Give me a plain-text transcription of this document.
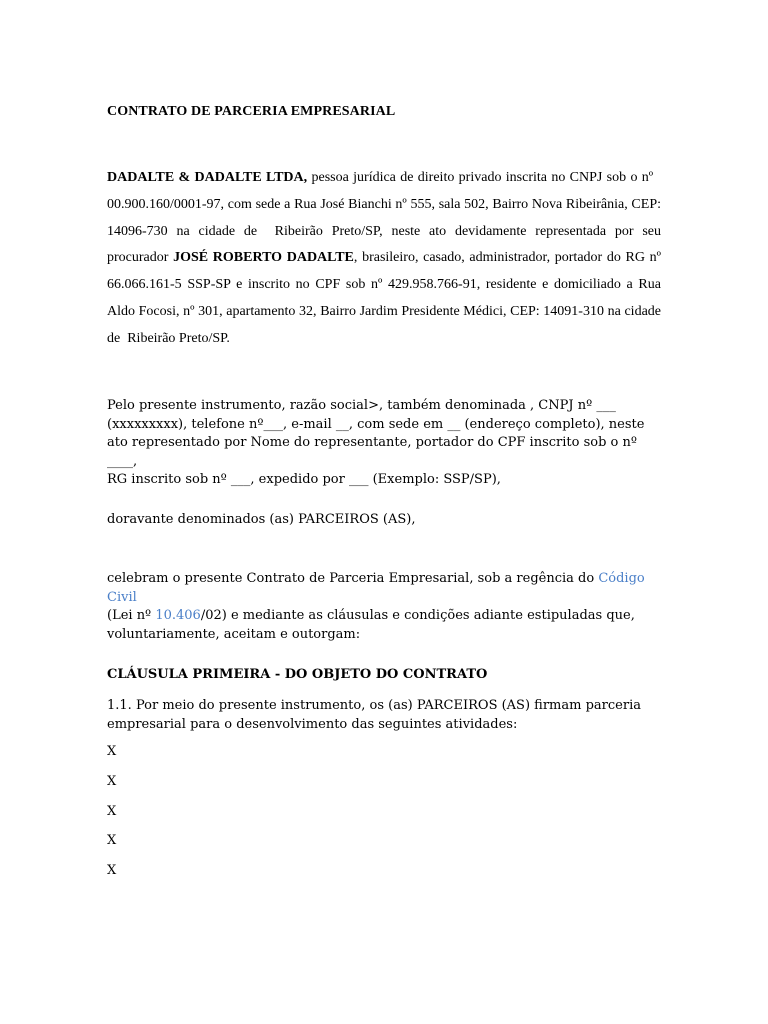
CONTRATO DE PARCERIA EMPRESARIAL
DADALTE & DADALTE LTDA, pessoa jurídica de direito privado inscrita no CNPJ sob o nº   00.900.160/0001-97, com sede a Rua José Bianchi nº 555, sala 502, Bairro Nova Ribeirânia, CEP: 14096-730 na cidade de  Ribeirão Preto/SP, neste ato devidamente representada por seu procurador JOSÉ ROBERTO DADALTE, brasileiro, casado, administrador, portador do RG nº 66.066.161-5 SSP-SP e inscrito no CPF sob nº 429.958.766-91, residente e domiciliado a Rua Aldo Focosi, nº 301, apartamento 32, Bairro Jardim Presidente Médici, CEP: 14091-310 na cidade de  Ribeirão Preto/SP.
Pelo presente instrumento, razão social>, também denominada , CNPJ nº ___
(xxxxxxxxx), telefone nº___, e-mail __, com sede em __ (endereço completo), neste
ato representado por Nome do representante, portador do CPF inscrito sob o nº ____,
RG inscrito sob nº ___, expedido por ___ (Exemplo: SSP/SP),
doravante denominados (as) PARCEIROS (AS),
celebram o presente Contrato de Parceria Empresarial, sob a regência do Código Civil
(Lei nº 10.406/02) e mediante as cláusulas e condições adiante estipuladas que,
voluntariamente, aceitam e outorgam:
CLÁUSULA PRIMEIRA - DO OBJETO DO CONTRATO
1.1. Por meio do presente instrumento, os (as) PARCEIROS (AS) firmam parceria
empresarial para o desenvolvimento das seguintes atividades:
X
X
X
X
X
